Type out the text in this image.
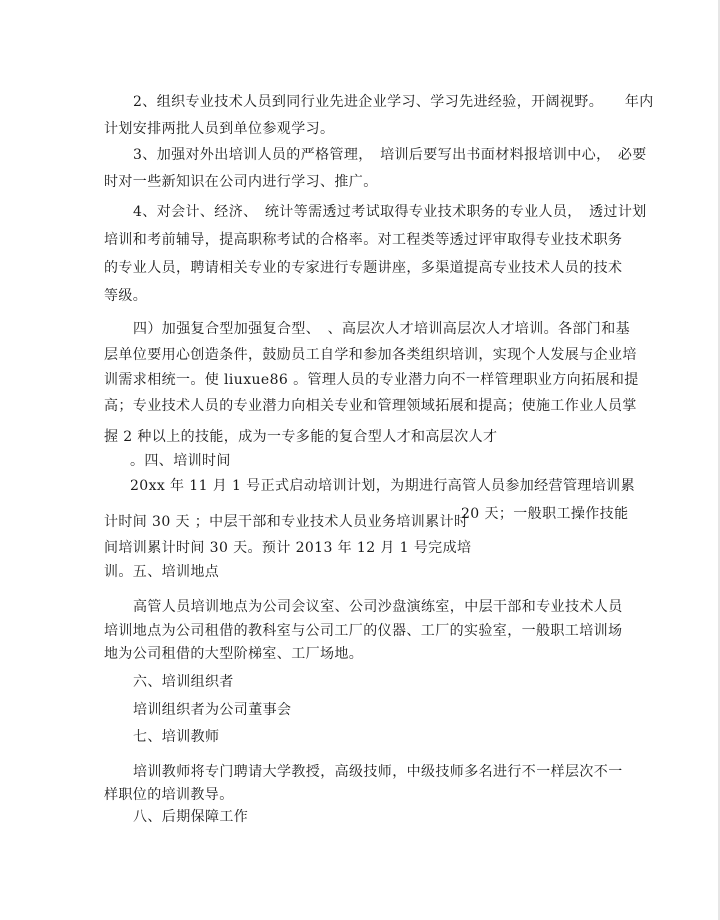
2、组织专业技术人员到同行业先进企业学习、学习先进经验，开阔视野。　　年内
计划安排两批人员到单位参观学习。
3、加强对外出培训人员的严格管理，　培训后要写出书面材料报培训中心，　必要
时对一些新知识在公司内进行学习、推广。
4、对会计、经济、　统计等需透过考试取得专业技术职务的专业人员，　透过计划
培训和考前辅导，提高职称考试的合格率。对工程类等透过评审取得专业技术职务
的专业人员，聘请相关专业的专家进行专题讲座，多渠道提高专业技术人员的技术
等级。
四）加强复合型加强复合型、　、高层次人才培训高层次人才培训。各部门和基
层单位要用心创造条件，鼓励员工自学和参加各类组织培训，实现个人发展与企业培
训需求相统一。使 liuxue86 。管理人员的专业潜力向不一样管理职业方向拓展和提
高；专业技术人员的专业潜力向相关专业和管理领域拓展和提高；使施工作业人员掌
握 2 种以上的技能，成为一专多能的复合型人才和高层次人才
。四、培训时间
20xx 年 11 月 1 号正式启动培训计划，为期进行高管人员参加经营管理培训累
计时间 30 天 ；中层干部和专业技术人员业务培训累计时
20 天；一般职工操作技能
间培训累计时间 30 天。预计 2013 年 12 月 1 号完成培
训。五、培训地点
高管人员培训地点为公司会议室、公司沙盘演练室，中层干部和专业技术人员
培训地点为公司租借的教科室与公司工厂的仪器、工厂的实验室，一般职工培训场
地为公司租借的大型阶梯室、工厂场地。
六、培训组织者
培训组织者为公司董事会
七、培训教师
培训教师将专门聘请大学教授，高级技师，中级技师多名进行不一样层次不一
样职位的培训教导。
八、后期保障工作
